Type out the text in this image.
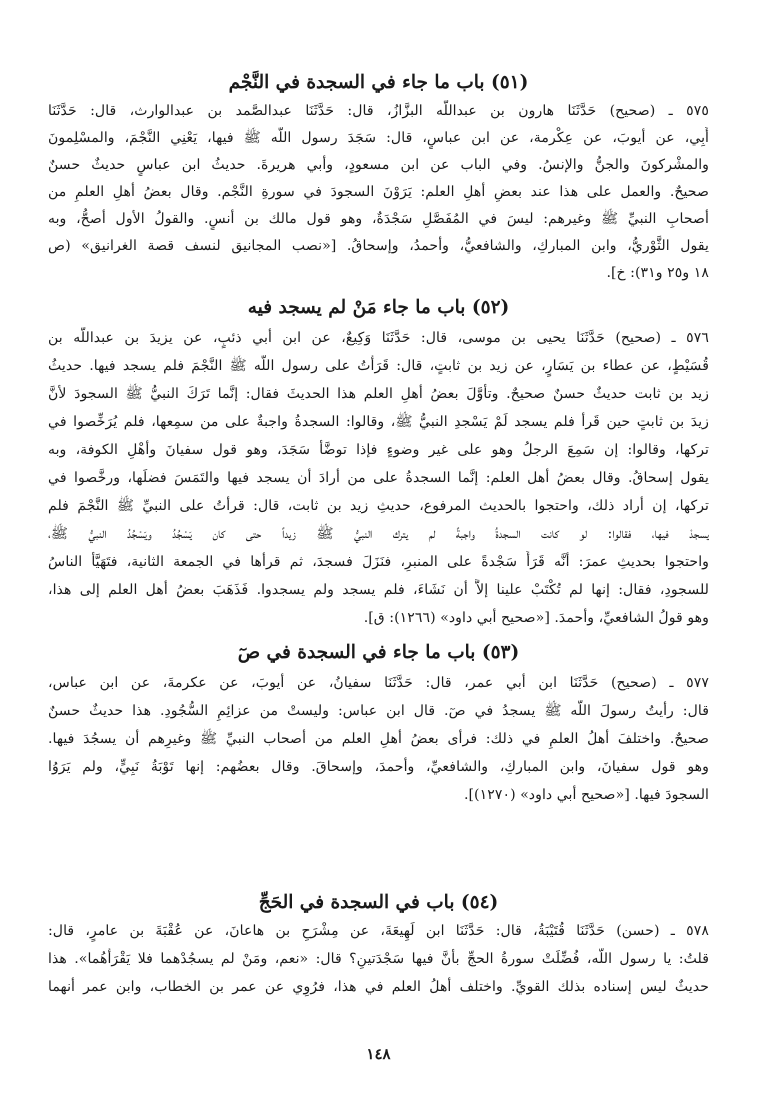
(٥١) باب ما جاء في السجدة في النَّجْم
٥٧٥ ـ (صحيح) حَدَّثَنَا هارون بن عبداللّه البزَّازُ، قال: حَدَّثَنَا عبدالصَّمد بن عبدالوارث، قال: حَدَّثَنَا
أَبِي، عن أيوبَ، عن عِكْرمة، عن ابن عباسٍ، قال: سَجَدَ رسول اللّه ﷺ فيها، يَعْنِي النَّجْمَ، والمسْلِمونَ
والمشْركونَ والجنُّ والإنسُ. وفي الباب عن ابن مسعودٍ، وأبي هريرةَ. حديثُ ابن عباسٍ حديثٌ حسنٌ
صحيحٌ. والعمل على هذا عند بعضِ أهلِ العلم: يَرَوْنَ السجودَ في سورةِ النَّجْم. وقال بعضُ أهلِ العلمِ من
أصحابِ النبيِّ ﷺ وغيرهم: ليسَ في المُفَصَّلِ سَجْدَةٌ، وهو قول مالك بن أنسٍ. والقولُ الأول أصحُّ، وبه
يقول الثَّوْريُّ، وابن المباركِ، والشافعيُّ، وأحمدُ، وإسحاقُ. [«نصب المجانيق لنسف قصة الغرانيق» (ص
١٨ و٢٥ و٣١): خ].
(٥٢) باب ما جاء مَنْ لم يسجد فيه
٥٧٦ ـ (صحيح) حَدَّثَنَا يحيى بن موسى، قال: حَدَّثَنَا وَكِيعٌ، عن ابن أبي ذئبٍ، عن يزيدَ بن عبداللّه بن
قُسَيْطٍ، عن عطاء بن يَسَارٍ، عن زيد بن ثابتٍ، قال: قَرَأْتُ على رسول اللّه ﷺ النَّجْمَ فلم يسجد فيها. حديثُ
زيد بن ثابت حديثٌ حسنٌ صحيحٌ. وتأوَّلَ بعضُ أهلِ العلم هذا الحديثَ فقال: إنَّما تَرَكَ النبيُّ ﷺ السجودَ لأنَّ
زيدَ بن ثابتٍ حين قَرأ فلم يسجد لَمْ يَسْجدِ النبيُّ ﷺ، وقالوا: السجدةُ واجبةٌ على من سمِعها، فلم يُرَخِّصوا في
تركها، وقالوا: إن سَمِعَ الرجلُ وهو على غير وضوءٍ فإذا توضَّأَ سَجَدَ، وهو قول سفيانَ وأهْلِ الكوفة، وبه
يقول إسحاقُ. وقال بعضُ أهل العلم: إنَّما السجدةُ على من أرادَ أن يسجد فيها والتَمَسَ فضلَها، ورخَّصوا في
تركها، إن أراد ذلك، واحتجوا بالحديث المرفوع، حديثِ زيد بن ثابت، قال: قرأتُ على النبيِّ ﷺ النَّجْمَ فلم
يسجدْ فيها، فقالوا: لو كانت السجدةُ واجبةً لم يترك النبيُّ ﷺ زيداً حتى كان يَسْجُدُ ويَسْجُدُ النبيُّ ﷺ،
واحتجوا بحديثِ عمرَ: أنَّه قَرَأَ سَجْدةً على المنبرِ، فنَزَلَ فسجدَ، ثم قرأها في الجمعة الثانية، فتَهَيَّأَ الناسُ
للسجودِ، فقال: إنها لم تُكْتَبْ علينا إلاَّ أن نَشَاءَ، فلم يسجد ولم يسجدوا. فَذَهَبَ بعضُ أهل العلم إلى هذا،
وهو قولُ الشافعيِّ، وأحمدَ. [«صحيح أبي داود» (١٢٦٦): ق].
(٥٣) باب ما جاء في السجدة في صٓ
٥٧٧ ـ (صحيح) حَدَّثَنَا ابن أبي عمر، قال: حَدَّثَنَا سفيانُ، عن أيوبَ، عن عكرمةَ، عن ابن عباس،
قال: رأيتُ رسولَ اللّه ﷺ يسجدُ في صٓ. قال ابن عباس: وليستْ من عزائِمِ السُّجُودِ. هذا حديثٌ حسنٌ
صحيحٌ. واختلفَ أهلُ العلمِ في ذلك: فرأى بعضُ أهلِ العلم من أصحاب النبيِّ ﷺ وغيرِهم أن يسجُدَ فيها.
وهو قول سفيانَ، وابن المباركِ، والشافعيِّ، وأحمدَ، وإسحاقَ. وقال بعضُهم: إنها تَوْبَةُ نَبِيٍّ، ولم يَرَوُا
السجودَ فيها. [«صحيح أبي داود» (١٢٧٠)].
(٥٤) باب في السجدة في الحَجِّ
٥٧٨ ـ (حسن) حَدَّثَنَا قُتَيْبَةُ، قال: حَدَّثَنَا ابن لَهِيعَةَ، عن مِشْرَحِ بن هاعانَ، عن عُقْبَةَ بن عامرٍ، قال:
قلتُ: يا رسول اللّه، فُضِّلَتْ سورةُ الحجِّ بأنَّ فيها سَجْدَتينِ؟ قال: «نعم، ومَنْ لم يسجُدْهما فلا يَقْرَأْهُما». هذا
حديثٌ ليس إسناده بذلك القويِّ. واختلف أهلُ العلم في هذا، فرُوِي عن عمر بن الخطاب، وابن عمر أنهما
١٤٨
